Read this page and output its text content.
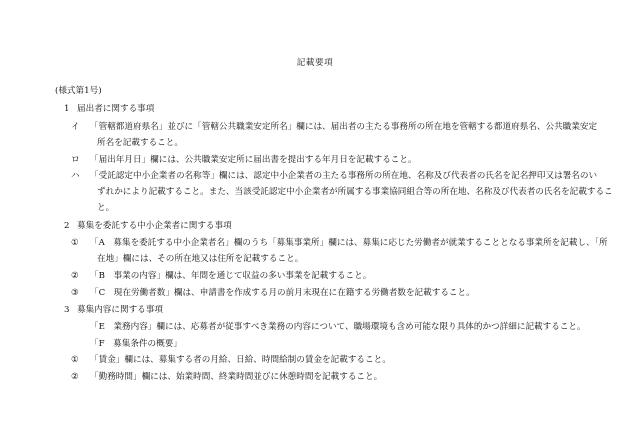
記載要項
(様式第1号)
1 届出者に関する事項
イ 「管轄都道府県名」並びに「管轄公共職業安定所名」欄には、届出者の主たる事務所の所在地を管轄する都道府県名、公共職業安定
所名を記載すること。
ロ 「届出年月日」欄には、公共職業安定所に届出書を提出する年月日を記載すること。
ハ 「受託認定中小企業者の名称等」欄には、認定中小企業者の主たる事務所の所在地、名称及び代表者の氏名を記名押印又は署名のい
ずれかにより記載すること。また、当該受託認定中小企業者が所属する事業協同組合等の所在地、名称及び代表者の氏名を記載するこ
と。
2 募集を委託する中小企業者に関する事項
① 「A　募集を委託する中小企業者名」欄のうち「募集事業所」欄には、募集に応じた労働者が就業することとなる事業所を記載し、「所
在地」欄には、その所在地又は住所を記載すること。
② 「B　事業の内容」欄は、年間を通じて収益の多い事業を記載すること。
③ 「C　現在労働者数」欄は、申請書を作成する月の前月末現在に在籍する労働者数を記載すること。
3 募集内容に関する事項
「E　業務内容」欄には、応募者が従事すべき業務の内容について、職場環境も含め可能な限り具体的かつ詳細に記載すること。
「F　募集条件の概要」
① 「賃金」欄には、募集する者の月給、日給、時間給制の賃金を記載すること。
② 「勤務時間」欄には、始業時間、終業時間並びに休憩時間を記載すること。
